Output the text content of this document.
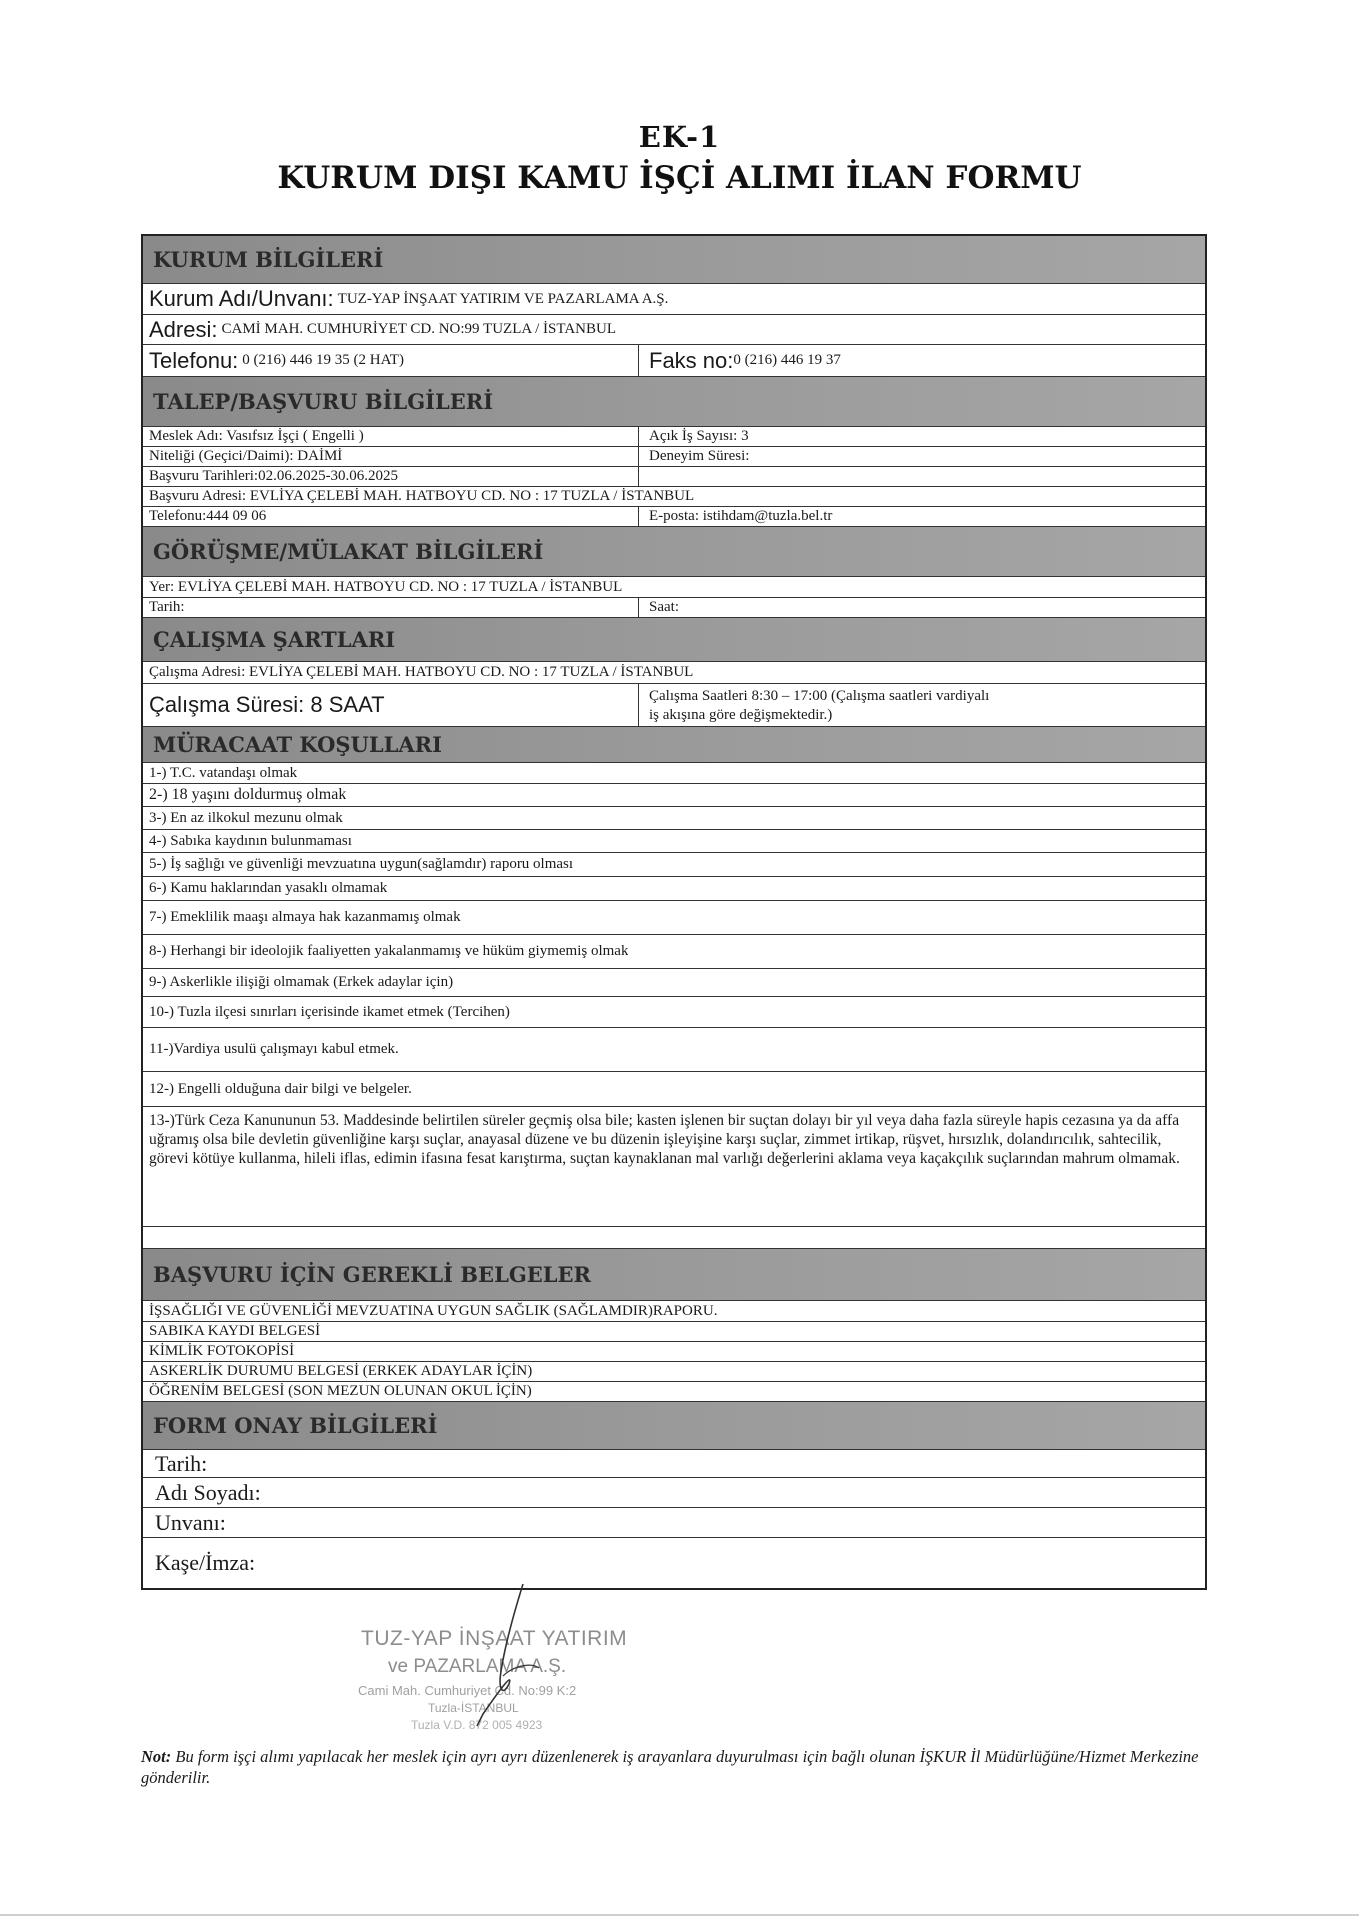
EK-1
KURUM DIŞI KAMU İŞÇİ ALIMI İLAN FORMU
KURUM BİLGİLERİ
Kurum Adı/Unvanı: TUZ-YAP İNŞAAT YATIRIM VE PAZARLAMA A.Ş.
Adresi: CAMİ MAH. CUMHURİYET CD. NO:99 TUZLA / İSTANBUL
Telefonu: 0 (216) 446 19 35 (2 HAT)	Faks no: 0 (216) 446 19 37
TALEP/BAŞVURU BİLGİLERİ
Meslek Adı: Vasıfsız İşçi ( Engelli )	Açık İş Sayısı: 3
Niteliği (Geçici/Daimi): DAİMİ	Deneyim Süresi:
Başvuru Tarihleri:02.06.2025-30.06.2025
Başvuru Adresi: EVLİYA ÇELEBİ MAH. HATBOYU CD. NO : 17 TUZLA / İSTANBUL
Telefonu:444 09 06	E-posta: istihdam@tuzla.bel.tr
GÖRÜŞME/MÜLAKAT BİLGİLERİ
Yer: EVLİYA ÇELEBİ MAH. HATBOYU CD. NO : 17 TUZLA / İSTANBUL
Tarih:	Saat:
ÇALIŞMA ŞARTLARI
Çalışma Adresi: EVLİYA ÇELEBİ MAH. HATBOYU CD. NO : 17 TUZLA / İSTANBUL
Çalışma Süresi: 8 SAAT	Çalışma Saatleri 8:30 – 17:00 (Çalışma saatleri vardiyalı
iş akışına göre değişmektedir.)
MÜRACAAT KOŞULLARI
1-) T.C. vatandaşı olmak
2-) 18 yaşını doldurmuş olmak
3-) En az ilkokul mezunu olmak
4-) Sabıka kaydının bulunmaması
5-) İş sağlığı ve güvenliği mevzuatına uygun(sağlamdır) raporu olması
6-) Kamu haklarından yasaklı olmamak
7-) Emeklilik maaşı almaya hak kazanmamış olmak
8-) Herhangi bir ideolojik faaliyetten yakalanmamış ve hüküm giymemiş olmak
9-) Askerlikle ilişiği olmamak (Erkek adaylar için)
10-) Tuzla ilçesi sınırları içerisinde ikamet etmek (Tercihen)
11-)Vardiya usulü çalışmayı kabul etmek.
12-) Engelli olduğuna dair bilgi ve belgeler.
13-)Türk Ceza Kanununun 53. Maddesinde belirtilen süreler geçmiş olsa bile; kasten işlenen bir suçtan dolayı bir yıl veya daha fazla süreyle hapis cezasına ya da affa uğramış olsa bile devletin güvenliğine karşı suçlar, anayasal düzene ve bu düzenin işleyişine karşı suçlar, zimmet irtikap, rüşvet, hırsızlık, dolandırıcılık, sahtecilik, görevi kötüye kullanma, hileli iflas, edimin ifasına fesat karıştırma, suçtan kaynaklanan mal varlığı değerlerini aklama veya kaçakçılık suçlarından mahrum olmamak.
BAŞVURU İÇİN GEREKLİ BELGELER
İŞSAĞLIĞI VE GÜVENLİĞİ MEVZUATINA UYGUN SAĞLIK (SAĞLAMDIR)RAPORU.
SABIKA KAYDI BELGESİ
KİMLİK FOTOKOPİSİ
ASKERLİK DURUMU BELGESİ (ERKEK ADAYLAR İÇİN)
ÖĞRENİM BELGESİ (SON MEZUN OLUNAN OKUL İÇİN)
FORM ONAY BİLGİLERİ
Tarih:
Adı Soyadı:
Unvanı:
Kaşe/İmza:
TUZ-YAP İNŞAAT YATIRIM
ve PAZARLAMA A.Ş.
Cami Mah. Cumhuriyet Cd. No:99 K:2
Tuzla-İSTANBUL
Tuzla V.D. 872 005 4923
Not: Bu form işçi alımı yapılacak her meslek için ayrı ayrı düzenlenerek iş arayanlara duyurulması için bağlı olunan İŞKUR İl Müdürlüğüne/Hizmet Merkezine gönderilir.
